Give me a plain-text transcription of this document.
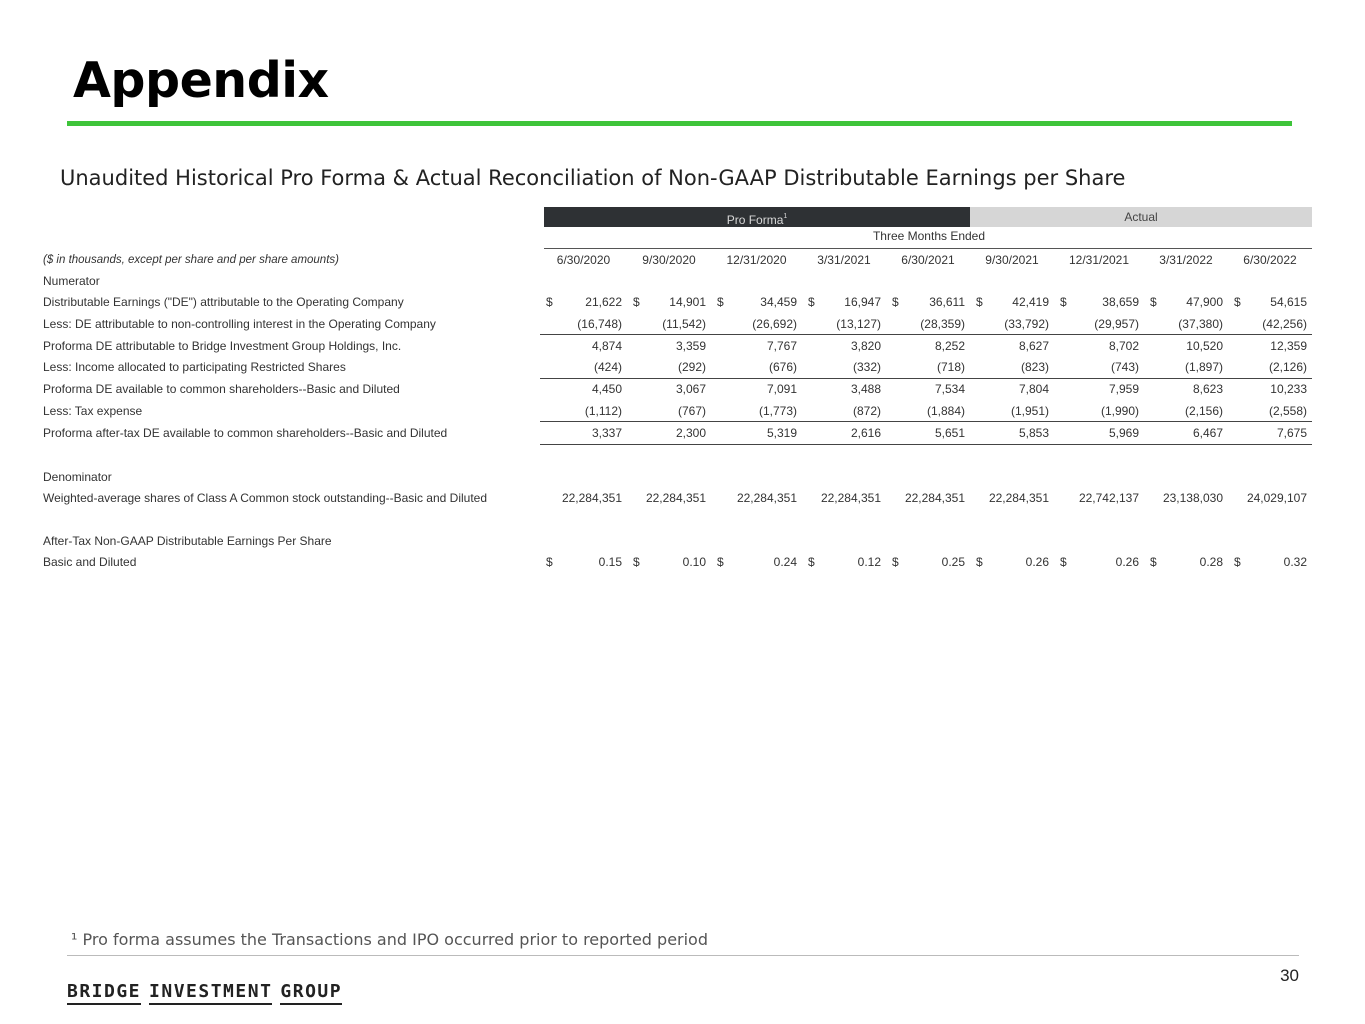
Appendix
Unaudited Historical Pro Forma & Actual Reconciliation of Non-GAAP Distributable Earnings per Share
Pro Forma$^1$	Actual
Three Months Ended
($ in thousands, except per share and per share amounts)	6/30/2020		9/30/2020		12/31/2020		3/31/2021		6/30/2021		9/30/2021		12/31/2021		3/31/2022		6/30/2022	
Numerator																		
Distributable Earnings ("DE") attributable to the Operating Company	$	21,622	$	14,901	$	34,459	$	16,947	$	36,611	$	42,419	$	38,659	$	47,900	$	54,615
Less: DE attributable to non-controlling interest in the Operating Company		(16,748)		(11,542)		(26,692)		(13,127)		(28,359)		(33,792)		(29,957)		(37,380)		(42,256)
Proforma DE attributable to Bridge Investment Group Holdings, Inc.		4,874		3,359		7,767		3,820		8,252		8,627		8,702		10,520		12,359
Less: Income allocated to participating Restricted Shares		(424)		(292)		(676)		(332)		(718)		(823)		(743)		(1,897)		(2,126)
Proforma DE available to common shareholders--Basic and Diluted		4,450		3,067		7,091		3,488		7,534		7,804		7,959		8,623		10,233
Less: Tax expense		(1,112)		(767)		(1,773)		(872)		(1,884)		(1,951)		(1,990)		(2,156)		(2,558)
Proforma after-tax DE available to common shareholders--Basic and Diluted		3,337		2,300		5,319		2,616		5,651		5,853		5,969		6,467		7,675

Denominator																		
Weighted-average shares of Class A Common stock outstanding--Basic and Diluted		22,284,351		22,284,351		22,284,351		22,284,351		22,284,351		22,284,351		22,742,137		23,138,030		24,029,107

After-Tax Non-GAAP Distributable Earnings Per Share																		
Basic and Diluted	$	0.15	$	0.10	$	0.24	$	0.12	$	0.25	$	0.26	$	0.26	$	0.28	$	0.32
¹ Pro forma assumes the Transactions and IPO occurred prior to reported period
BRIDGE INVESTMENT GROUP
30
